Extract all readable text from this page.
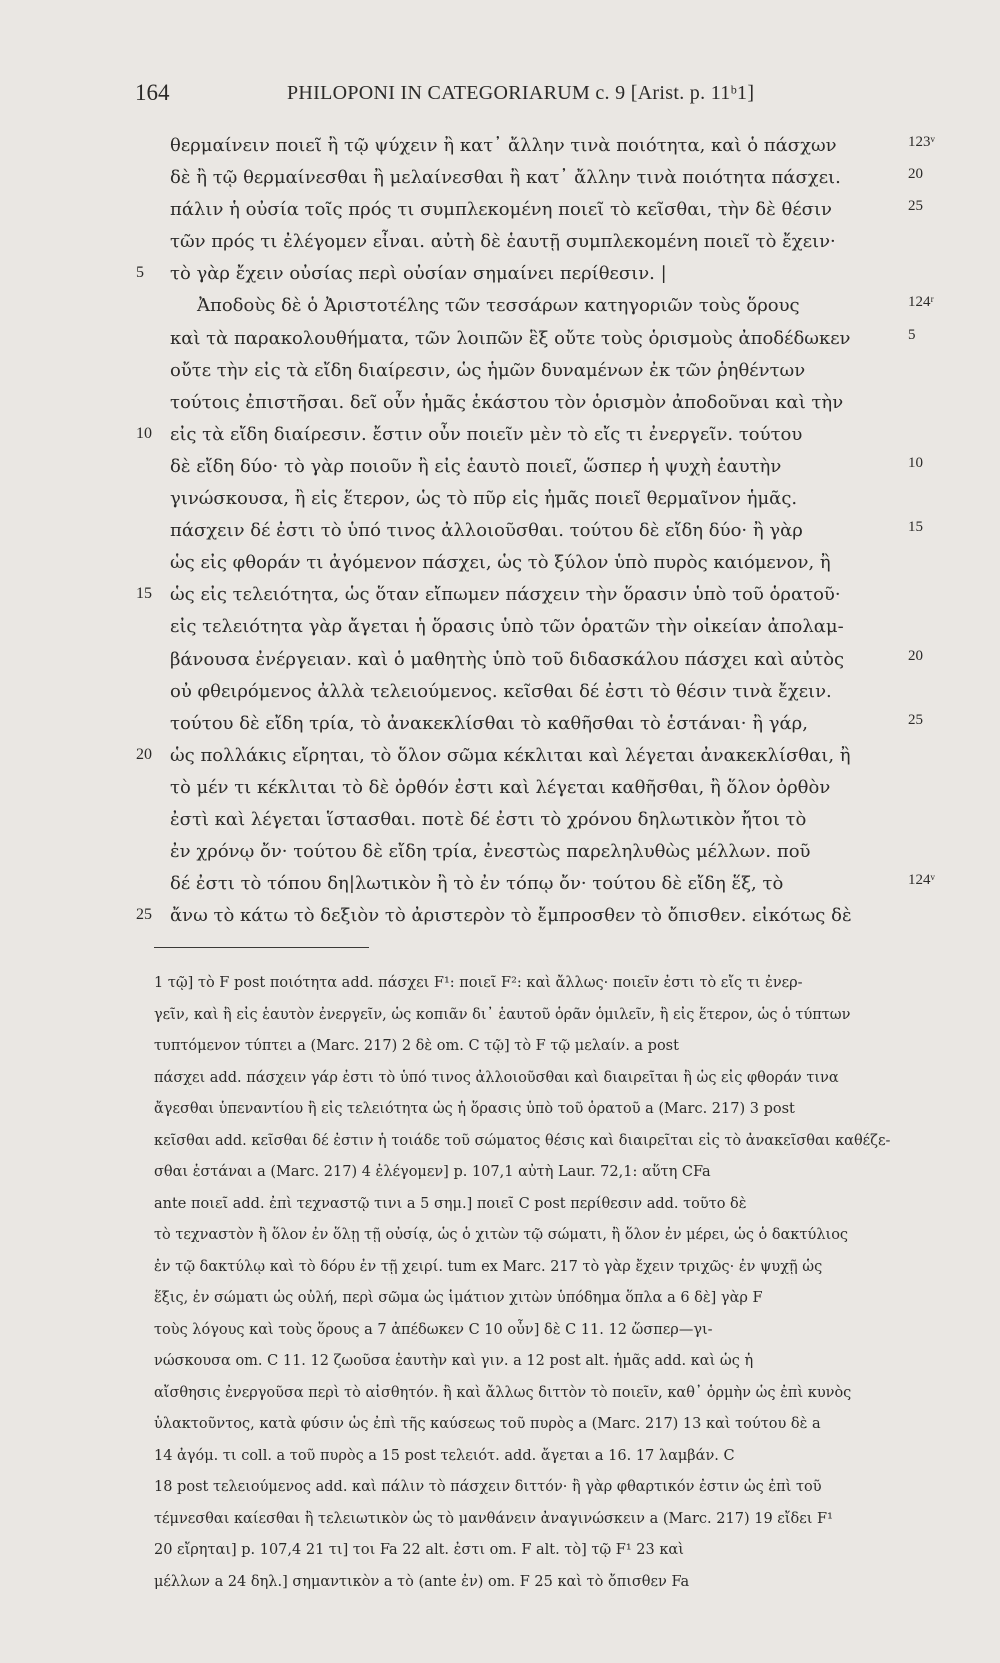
164	PHILOPONI IN CATEGORIARUM c. 9 [Arist. p. 11ᵇ1]
θερμαίνειν ποιεῖ ἢ τῷ ψύχειν ἢ κατ᾽ ἄλλην τινὰ ποιότητα, καὶ ὁ πάσχων	123ᵛ
δὲ ἢ τῷ θερμαίνεσθαι ἢ μελαίνεσθαι ἢ κατ᾽ ἄλλην τινὰ ποιότητα πάσχει.	20
πάλιν ἡ οὐσία τοῖς πρός τι συμπλεκομένη ποιεῖ τὸ κεῖσθαι, τὴν δὲ θέσιν	25
τῶν πρός τι ἐλέγομεν εἶναι. αὐτὴ δὲ ἑαυτῇ συμπλεκομένη ποιεῖ τὸ ἔχειν·
5	τὸ γὰρ ἔχειν οὐσίας περὶ οὐσίαν σημαίνει περίθεσιν. |
Ἀποδοὺς δὲ ὁ Ἀριστοτέλης τῶν τεσσάρων κατηγοριῶν τοὺς ὅρους	124ʳ
καὶ τὰ παρακολουθήματα, τῶν λοιπῶν ἓξ οὔτε τοὺς ὁρισμοὺς ἀποδέδωκεν	5
οὔτε τὴν εἰς τὰ εἴδη διαίρεσιν, ὡς ἡμῶν δυναμένων ἐκ τῶν ῥηθέντων
τούτοις ἐπιστῆσαι. δεῖ οὖν ἡμᾶς ἑκάστου τὸν ὁρισμὸν ἀποδοῦναι καὶ τὴν
10	εἰς τὰ εἴδη διαίρεσιν. ἔστιν οὖν ποιεῖν μὲν τὸ εἴς τι ἐνεργεῖν. τούτου
δὲ εἴδη δύο· τὸ γὰρ ποιοῦν ἢ εἰς ἑαυτὸ ποιεῖ, ὥσπερ ἡ ψυχὴ ἑαυτὴν	10
γινώσκουσα, ἢ εἰς ἕτερον, ὡς τὸ πῦρ εἰς ἡμᾶς ποιεῖ θερμαῖνον ἡμᾶς.
πάσχειν δέ ἐστι τὸ ὑπό τινος ἀλλοιοῦσθαι. τούτου δὲ εἴδη δύο· ἢ γὰρ	15
ὡς εἰς φθοράν τι ἀγόμενον πάσχει, ὡς τὸ ξύλον ὑπὸ πυρὸς καιόμενον, ἢ
15	ὡς εἰς τελειότητα, ὡς ὅταν εἴπωμεν πάσχειν τὴν ὅρασιν ὑπὸ τοῦ ὁρατοῦ·
εἰς τελειότητα γὰρ ἄγεται ἡ ὅρασις ὑπὸ τῶν ὁρατῶν τὴν οἰκείαν ἀπολαμ-
βάνουσα ἐνέργειαν. καὶ ὁ μαθητὴς ὑπὸ τοῦ διδασκάλου πάσχει καὶ αὐτὸς	20
οὐ φθειρόμενος ἀλλὰ τελειούμενος. κεῖσθαι δέ ἐστι τὸ θέσιν τινὰ ἔχειν.
τούτου δὲ εἴδη τρία, τὸ ἀνακεκλίσθαι τὸ καθῆσθαι τὸ ἑστάναι· ἢ γάρ,	25
20	ὡς πολλάκις εἴρηται, τὸ ὅλον σῶμα κέκλιται καὶ λέγεται ἀνακεκλίσθαι, ἢ
τὸ μέν τι κέκλιται τὸ δὲ ὀρθόν ἐστι καὶ λέγεται καθῆσθαι, ἢ ὅλον ὀρθὸν
ἐστὶ καὶ λέγεται ἵστασθαι. ποτὲ δέ ἐστι τὸ χρόνου δηλωτικὸν ἤτοι τὸ
ἐν χρόνῳ ὄν· τούτου δὲ εἴδη τρία, ἐνεστὼς παρεληλυθὼς μέλλων. ποῦ
δέ ἐστι τὸ τόπου δη|λωτικὸν ἢ τὸ ἐν τόπῳ ὄν· τούτου δὲ εἴδη ἕξ, τὸ	124ᵛ
25	ἄνω τὸ κάτω τὸ δεξιὸν τὸ ἀριστερὸν τὸ ἔμπροσθεν τὸ ὄπισθεν. εἰκότως δὲ
1 τῷ] τὸ F post ποιότητα add. πάσχει F¹: ποιεῖ F²: καὶ ἄλλως· ποιεῖν ἐστι τὸ εἴς τι ἐνερ-
γεῖν, καὶ ἢ εἰς ἑαυτὸν ἐνεργεῖν, ὡς κοπιᾶν δι᾽ ἑαυτοῦ ὁρᾶν ὁμιλεῖν, ἢ εἰς ἕτερον, ὡς ὁ τύπτων
τυπτόμενον τύπτει a (Marc. 217) 2 δὲ om. C τῷ] τὸ F τῷ μελαίν. a post
πάσχει add. πάσχειν γάρ ἐστι τὸ ὑπό τινος ἀλλοιοῦσθαι καὶ διαιρεῖται ἢ ὡς εἰς φθοράν τινα
ἄγεσθαι ὑπεναντίου ἢ εἰς τελειότητα ὡς ἡ ὅρασις ὑπὸ τοῦ ὁρατοῦ a (Marc. 217) 3 post
κεῖσθαι add. κεῖσθαι δέ ἐστιν ἡ τοιάδε τοῦ σώματος θέσις καὶ διαιρεῖται εἰς τὸ ἀνακεῖσθαι καθέζε-
σθαι ἑστάναι a (Marc. 217) 4 ἐλέγομεν] p. 107,1 αὐτὴ Laur. 72,1: αὕτη CFa
ante ποιεῖ add. ἐπὶ τεχναστῷ τινι a 5 σημ.] ποιεῖ C post περίθεσιν add. τοῦτο δὲ
τὸ τεχναστὸν ἢ ὅλον ἐν ὅλῃ τῇ οὐσίᾳ, ὡς ὁ χιτὼν τῷ σώματι, ἢ ὅλον ἐν μέρει, ὡς ὁ δακτύλιος
ἐν τῷ δακτύλῳ καὶ τὸ δόρυ ἐν τῇ χειρί. tum ex Marc. 217 τὸ γὰρ ἔχειν τριχῶς· ἐν ψυχῇ ὡς
ἕξις, ἐν σώματι ὡς οὐλή, περὶ σῶμα ὡς ἱμάτιον χιτὼν ὑπόδημα ὅπλα a 6 δὲ] γὰρ F
τοὺς λόγους καὶ τοὺς ὅρους a 7 ἀπέδωκεν C 10 οὖν] δὲ C 11. 12 ὥσπερ—γι-
νώσκουσα om. C 11. 12 ζωοῦσα ἑαυτὴν καὶ γιν. a 12 post alt. ἡμᾶς add. καὶ ὡς ἡ
αἴσθησις ἐνεργοῦσα περὶ τὸ αἰσθητόν. ἢ καὶ ἄλλως διττὸν τὸ ποιεῖν, καθ᾽ ὁρμὴν ὡς ἐπὶ κυνὸς
ὑλακτοῦντος, κατὰ φύσιν ὡς ἐπὶ τῆς καύσεως τοῦ πυρὸς a (Marc. 217) 13 καὶ τούτου δὲ a
14 ἀγόμ. τι coll. a τοῦ πυρὸς a 15 post τελειότ. add. ἄγεται a 16. 17 λαμβάν. C
18 post τελειούμενος add. καὶ πάλιν τὸ πάσχειν διττόν· ἢ γὰρ φθαρτικόν ἐστιν ὡς ἐπὶ τοῦ
τέμνεσθαι καίεσθαι ἢ τελειωτικὸν ὡς τὸ μανθάνειν ἀναγινώσκειν a (Marc. 217) 19 εἴδει F¹
20 εἴρηται] p. 107,4 21 τι] τοι Fa 22 alt. ἐστι om. F alt. τὸ] τῷ F¹ 23 καὶ
μέλλων a 24 δηλ.] σημαντικὸν a τὸ (ante ἐν) om. F 25 καὶ τὸ ὄπισθεν Fa
